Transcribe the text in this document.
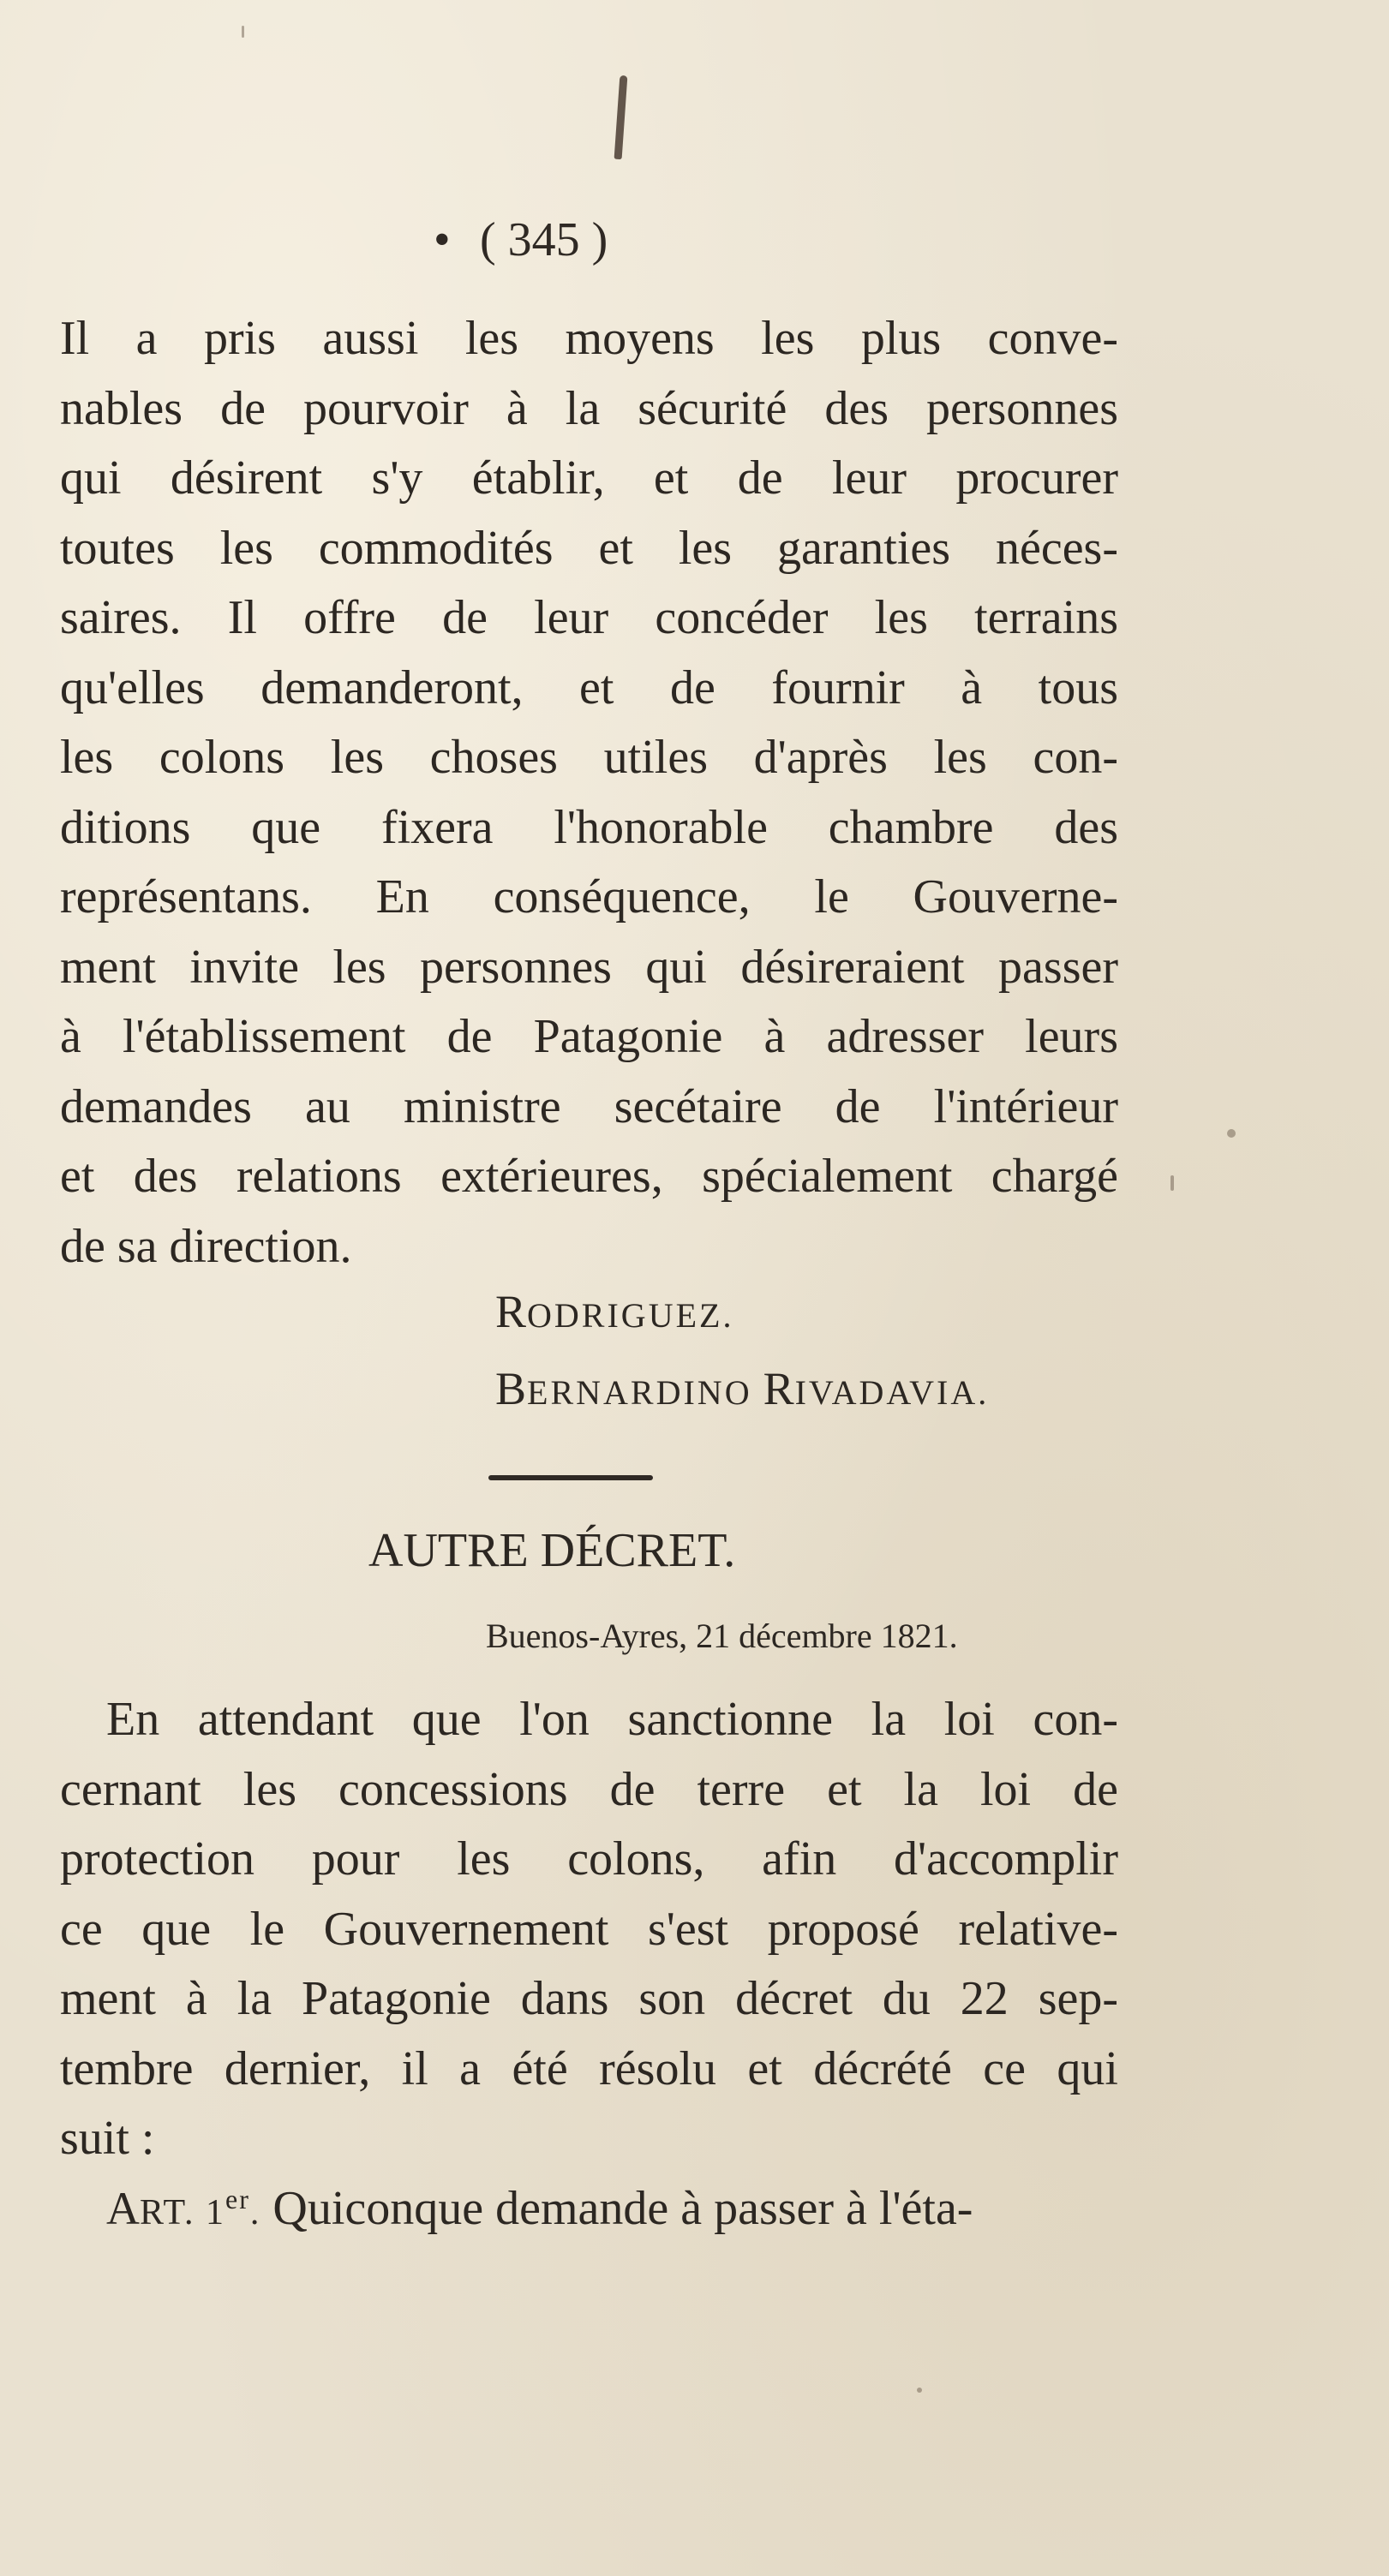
• ( 345 )
Il a pris aussi les moyens les plus conve-
nables de pourvoir à la sécurité des personnes
qui désirent s'y établir, et de leur procurer
toutes les commodités et les garanties néces-
saires. Il offre de leur concéder les terrains
qu'elles demanderont, et de fournir à tous
les colons les choses utiles d'après les con-
ditions que fixera l'honorable chambre des
représentans. En conséquence, le Gouverne-
ment invite les personnes qui désireraient passer
à l'établissement de Patagonie à adresser leurs
demandes au ministre secétaire de l'intérieur
et des relations extérieures, spécialement chargé
de sa direction.
RODRIGUEZ.
BERNARDINO RIVADAVIA.
AUTRE DÉCRET.
Buenos-Ayres, 21 décembre 1821.
En attendant que l'on sanctionne la loi con-
cernant les concessions de terre et la loi de
protection pour les colons, afin d'accomplir
ce que le Gouvernement s'est proposé relative-
ment à la Patagonie dans son décret du 22 sep-
tembre dernier, il a été résolu et décrété ce qui
suit :
ART. 1er. Quiconque demande à passer à l'éta-
